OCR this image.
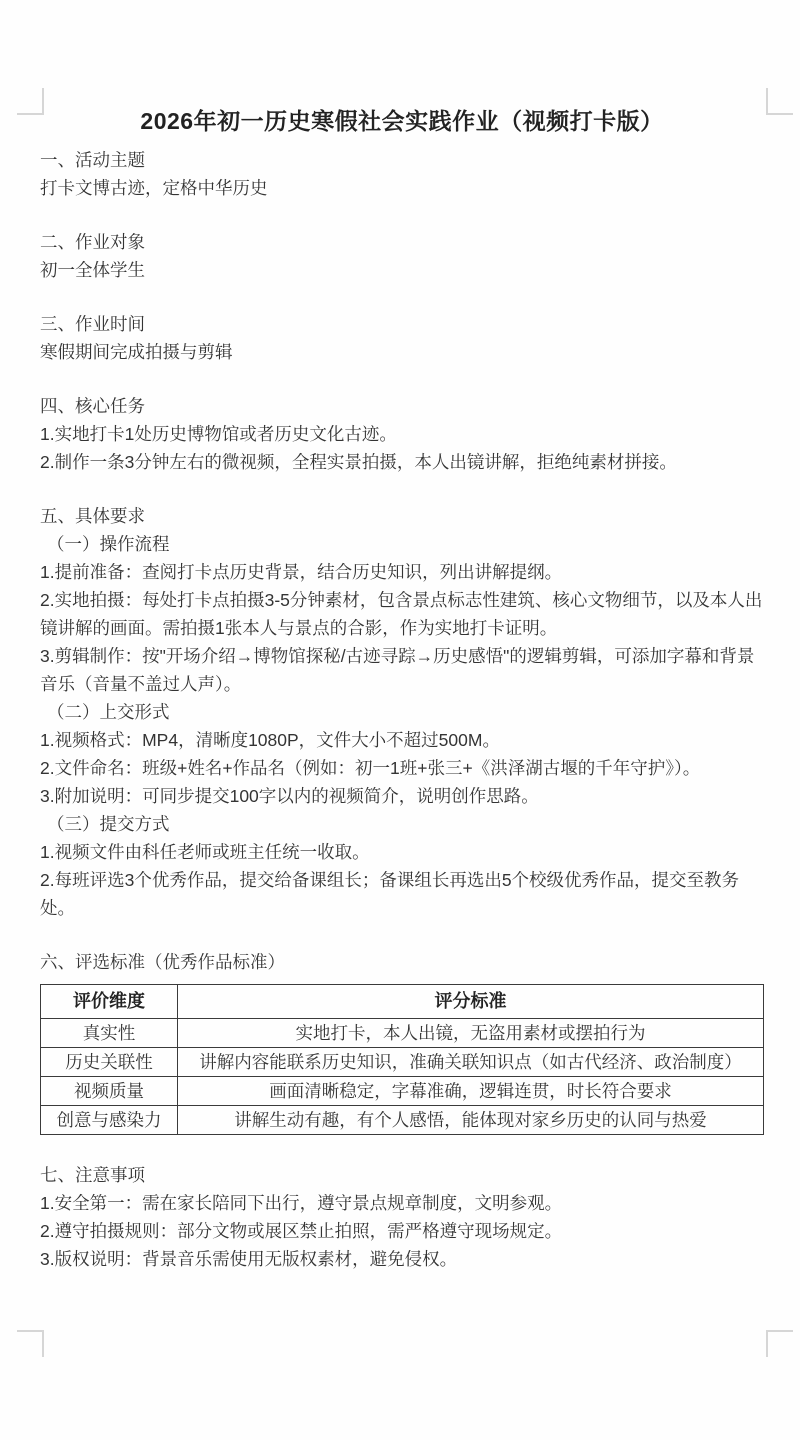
2026年初一历史寒假社会实践作业（视频打卡版）
一、活动主题

打卡文博古迹，定格中华历史

二、作业对象

初一全体学生

三、作业时间

寒假期间完成拍摄与剪辑

四、核心任务

1.实地打卡1处历史博物馆或者历史文化古迹。

2.制作一条3分钟左右的微视频，全程实景拍摄，本人出镜讲解，拒绝纯素材拼接。

五、具体要求

（一）操作流程

1.提前准备：查阅打卡点历史背景，结合历史知识，列出讲解提纲。

2.实地拍摄：每处打卡点拍摄3-5分钟素材，包含景点标志性建筑、核心文物细节，以及本人出镜讲解的画面。需拍摄1张本人与景点的合影，作为实地打卡证明。

3.剪辑制作：按"开场介绍→博物馆探秘/古迹寻踪→历史感悟"的逻辑剪辑，可添加字幕和背景音乐（音量不盖过人声）。

（二）上交形式

1.视频格式：MP4，清晰度1080P，文件大小不超过500M。

2.文件命名：班级+姓名+作品名（例如：初一1班+张三+《洪泽湖古堰的千年守护》）。

3.附加说明：可同步提交100字以内的视频简介，说明创作思路。

（三）提交方式

1.视频文件由科任老师或班主任统一收取。

2.每班评选3个优秀作品，提交给备课组长；备课组长再选出5个校级优秀作品，提交至教务处。

六、评选标准（优秀作品标准）
评价维度	评分标准
真实性	实地打卡，本人出镜，无盗用素材或摆拍行为
历史关联性	讲解内容能联系历史知识，准确关联知识点（如古代经济、政治制度）
视频质量	画面清晰稳定，字幕准确，逻辑连贯，时长符合要求
创意与感染力	讲解生动有趣，有个人感悟，能体现对家乡历史的认同与热爱
七、注意事项

1.安全第一：需在家长陪同下出行，遵守景点规章制度，文明参观。

2.遵守拍摄规则：部分文物或展区禁止拍照，需严格遵守现场规定。

3.版权说明：背景音乐需使用无版权素材，避免侵权。
